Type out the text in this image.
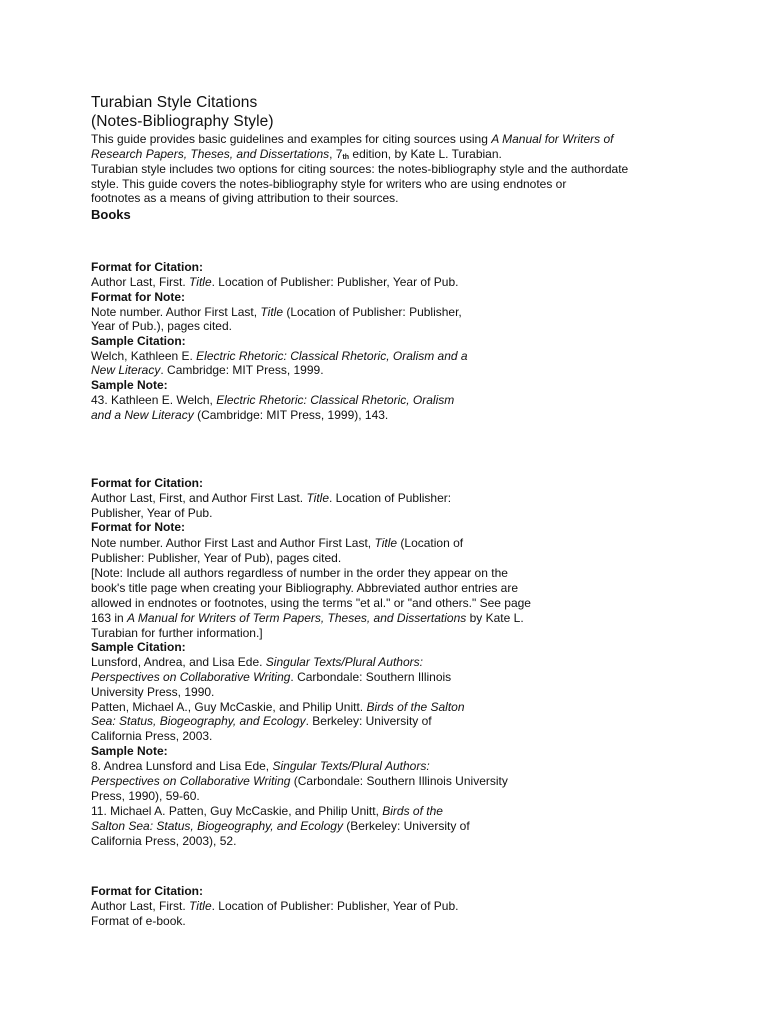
Turabian Style Citations
(Notes-Bibliography Style)

This guide provides basic guidelines and examples for citing sources using A Manual for Writers of

Research Papers, Theses, and Dissertations, 7th edition, by Kate L. Turabian.

Turabian style includes two options for citing sources: the notes-bibliography style and the authordate

style. This guide covers the notes-bibliography style for writers who are using endnotes or

footnotes as a means of giving attribution to their sources.

Books

Format for Citation:

Author Last, First. Title. Location of Publisher: Publisher, Year of Pub.

Format for Note:

Note number. Author First Last, Title (Location of Publisher: Publisher,

Year of Pub.), pages cited.

Sample Citation:

Welch, Kathleen E. Electric Rhetoric: Classical Rhetoric, Oralism and a

New Literacy. Cambridge: MIT Press, 1999.

Sample Note:

43. Kathleen E. Welch, Electric Rhetoric: Classical Rhetoric, Oralism

and a New Literacy (Cambridge: MIT Press, 1999), 143.

Format for Citation:

Author Last, First, and Author First Last. Title. Location of Publisher:

Publisher, Year of Pub.

Format for Note:

Note number. Author First Last and Author First Last, Title (Location of

Publisher: Publisher, Year of Pub), pages cited.

[Note: Include all authors regardless of number in the order they appear on the

book's title page when creating your Bibliography. Abbreviated author entries are

allowed in endnotes or footnotes, using the terms "et al." or "and others." See page

163 in A Manual for Writers of Term Papers, Theses, and Dissertations by Kate L.

Turabian for further information.]

Sample Citation:

Lunsford, Andrea, and Lisa Ede. Singular Texts/Plural Authors:

Perspectives on Collaborative Writing. Carbondale: Southern Illinois

University Press, 1990.

Patten, Michael A., Guy McCaskie, and Philip Unitt. Birds of the Salton

Sea: Status, Biogeography, and Ecology. Berkeley: University of

California Press, 2003.

Sample Note:

8. Andrea Lunsford and Lisa Ede, Singular Texts/Plural Authors:

Perspectives on Collaborative Writing (Carbondale: Southern Illinois University

Press, 1990), 59-60.

11. Michael A. Patten, Guy McCaskie, and Philip Unitt, Birds of the

Salton Sea: Status, Biogeography, and Ecology (Berkeley: University of

California Press, 2003), 52.

Format for Citation:

Author Last, First. Title. Location of Publisher: Publisher, Year of Pub.

Format of e-book.
